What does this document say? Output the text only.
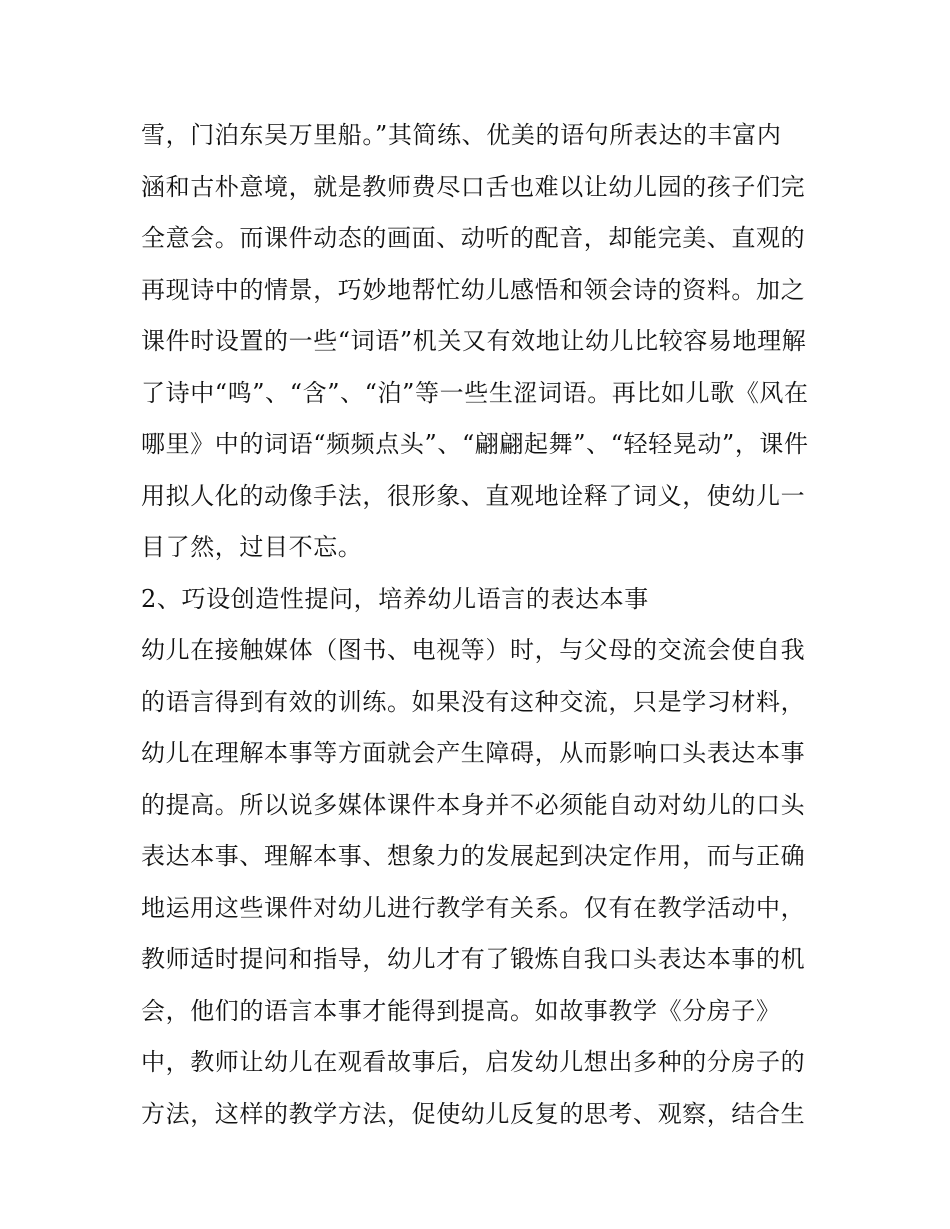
雪，门泊东吴万里船。”其简练、优美的语句所表达的丰富内
涵和古朴意境，就是教师费尽口舌也难以让幼儿园的孩子们完
全意会。而课件动态的画面、动听的配音，却能完美、直观的
再现诗中的情景，巧妙地帮忙幼儿感悟和领会诗的资料。加之
课件时设置的一些“词语”机关又有效地让幼儿比较容易地理解
了诗中“鸣”、“含”、“泊”等一些生涩词语。再比如儿歌《风在
哪里》中的词语“频频点头”、“翩翩起舞”、“轻轻晃动”，课件
用拟人化的动像手法，很形象、直观地诠释了词义，使幼儿一
目了然，过目不忘。
2、巧设创造性提问，培养幼儿语言的表达本事
幼儿在接触媒体（图书、电视等）时，与父母的交流会使自我
的语言得到有效的训练。如果没有这种交流，只是学习材料，
幼儿在理解本事等方面就会产生障碍，从而影响口头表达本事
的提高。所以说多媒体课件本身并不必须能自动对幼儿的口头
表达本事、理解本事、想象力的发展起到决定作用，而与正确
地运用这些课件对幼儿进行教学有关系。仅有在教学活动中，
教师适时提问和指导，幼儿才有了锻炼自我口头表达本事的机
会，他们的语言本事才能得到提高。如故事教学《分房子》
中，教师让幼儿在观看故事后，启发幼儿想出多种的分房子的
方法，这样的教学方法，促使幼儿反复的思考、观察，结合生
